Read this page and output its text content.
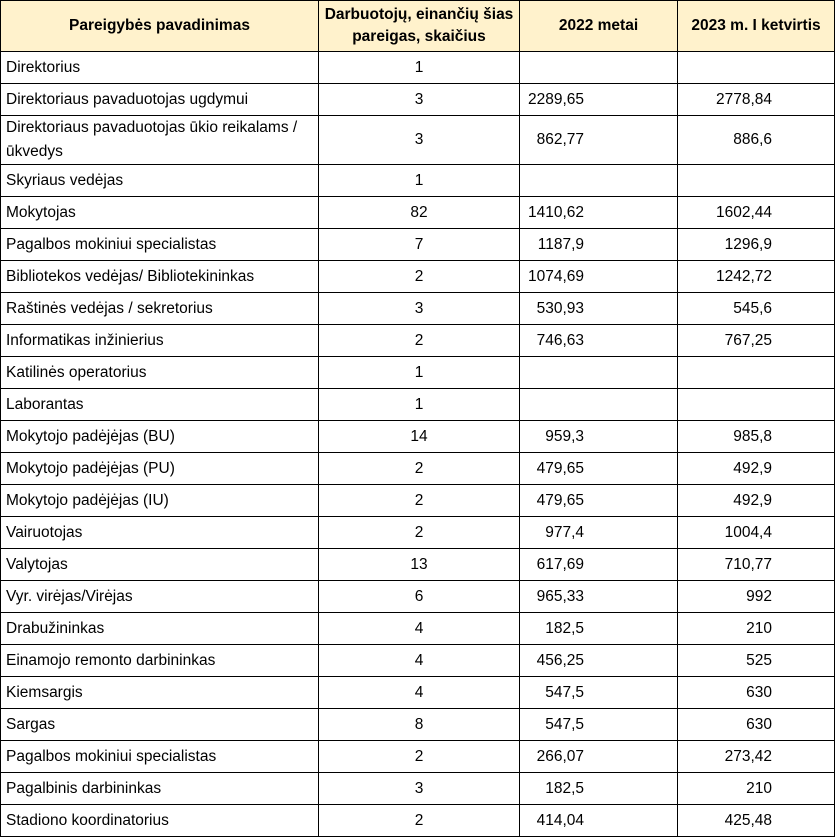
Pareigybės pavadinimas	Darbuotojų, einančių šias pareigas, skaičius	2022 metai	2023 m. I ketvirtis
Direktorius	1		
Direktoriaus pavaduotojas ugdymui	3	2289,65	2778,84
Direktoriaus pavaduotojas ūkio reikalams / ūkvedys	3	862,77	886,6
Skyriaus vedėjas	1		
Mokytojas	82	1410,62	1602,44
Pagalbos mokiniui specialistas	7	1187,9	1296,9
Bibliotekos vedėjas/ Bibliotekininkas	2	1074,69	1242,72
Raštinės vedėjas / sekretorius	3	530,93	545,6
Informatikas inžinierius	2	746,63	767,25
Katilinės operatorius	1		
Laborantas	1		
Mokytojo padėjėjas (BU)	14	959,3	985,8
Mokytojo padėjėjas (PU)	2	479,65	492,9
Mokytojo padėjėjas (IU)	2	479,65	492,9
Vairuotojas	2	977,4	1004,4
Valytojas	13	617,69	710,77
Vyr. virėjas/Virėjas	6	965,33	992
Drabužininkas	4	182,5	210
Einamojo remonto darbininkas	4	456,25	525
Kiemsargis	4	547,5	630
Sargas	8	547,5	630
Pagalbos mokiniui specialistas	2	266,07	273,42
Pagalbinis darbininkas	3	182,5	210
Stadiono koordinatorius	2	414,04	425,48
